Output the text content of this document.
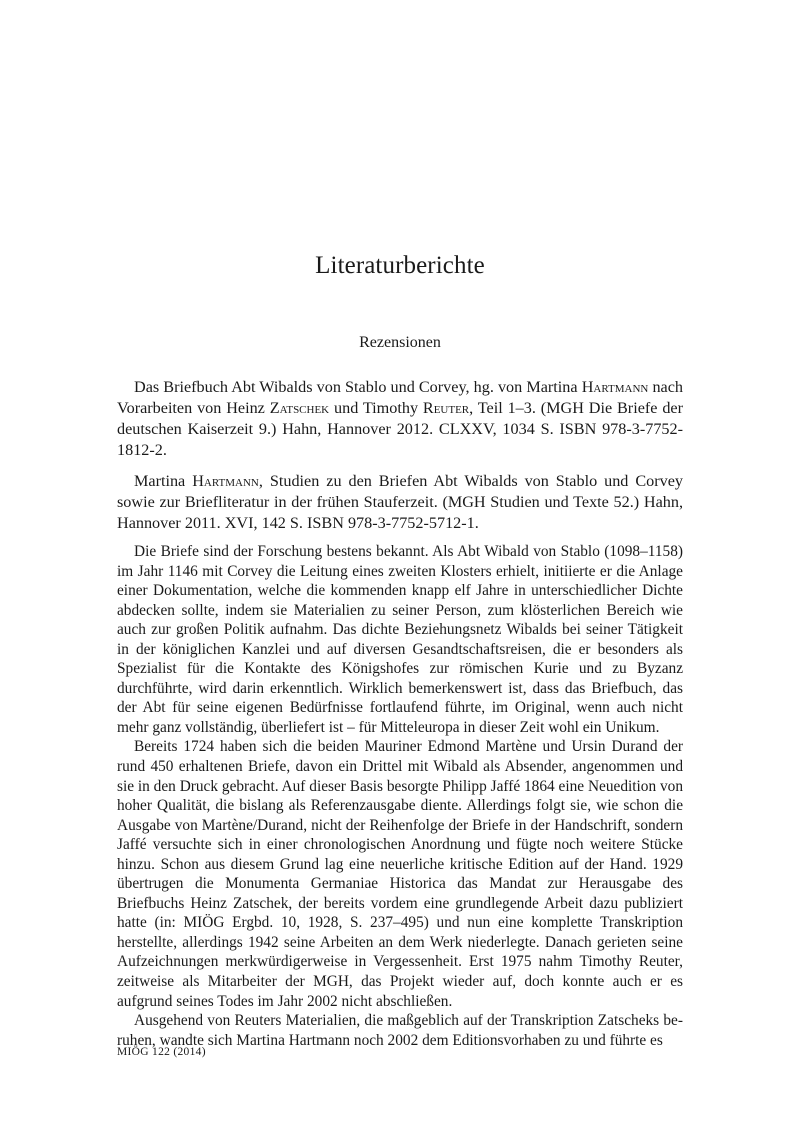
Literaturberichte
Rezensionen

Das Briefbuch Abt Wibalds von Stablo und Corvey, hg. von Martina Hartmann nach Vorarbeiten von Heinz Zatschek und Timothy Reuter, Teil 1–3. (MGH Die Briefe der deutschen Kaiserzeit 9.) Hahn, Hannover 2012. CLXXV, 1034 S. ISBN 978-3-7752-1812-2.

Martina Hartmann, Studien zu den Briefen Abt Wibalds von Stablo und Corvey sowie zur Briefliteratur in der frühen Stauferzeit. (MGH Studien und Texte 52.) Hahn, Hannover 2011. XVI, 142 S. ISBN 978-3-7752-5712-1.

Die Briefe sind der Forschung bestens bekannt. Als Abt Wibald von Stablo (1098–1158) im Jahr 1146 mit Corvey die Leitung eines zweiten Klosters erhielt, initiierte er die Anlage einer Dokumentation, welche die kommenden knapp elf Jahre in unterschiedlicher Dichte abdecken sollte, indem sie Materialien zu seiner Person, zum klösterlichen Bereich wie auch zur großen Politik aufnahm. Das dichte Beziehungsnetz Wibalds bei seiner Tätigkeit in der königlichen Kanzlei und auf diversen Gesandtschaftsreisen, die er besonders als Spezialist für die Kontakte des Königshofes zur römischen Kurie und zu Byzanz durchführte, wird darin erkenntlich. Wirklich bemerkenswert ist, dass das Briefbuch, das der Abt für seine eigenen Bedürfnisse fortlaufend führte, im Original, wenn auch nicht mehr ganz vollständig, überliefert ist – für Mitteleuropa in dieser Zeit wohl ein Unikum.

Bereits 1724 haben sich die beiden Mauriner Edmond Martène und Ursin Durand der rund 450 erhaltenen Briefe, davon ein Drittel mit Wibald als Absender, angenommen und sie in den Druck gebracht. Auf dieser Basis besorgte Philipp Jaffé 1864 eine Neuedition von hoher Qualität, die bislang als Referenzausgabe diente. Allerdings folgt sie, wie schon die Ausgabe von Martène/Durand, nicht der Reihenfolge der Briefe in der Handschrift, sondern Jaffé versuchte sich in einer chronologischen Anordnung und fügte noch weitere Stücke hinzu. Schon aus diesem Grund lag eine neuerliche kritische Edition auf der Hand. 1929 übertrugen die Monumenta Germaniae Historica das Mandat zur Herausgabe des Briefbuchs Heinz Zatschek, der bereits vordem eine grundlegende Arbeit dazu publiziert hatte (in: MIÖG Ergbd. 10, 1928, S. 237–495) und nun eine komplette Transkription herstellte, allerdings 1942 seine Arbeiten an dem Werk niederlegte. Danach gerieten seine Aufzeichnungen merkwürdigerweise in Vergessenheit. Erst 1975 nahm Timothy Reuter, zeitweise als Mitarbeiter der MGH, das Projekt wieder auf, doch konnte auch er es aufgrund seines Todes im Jahr 2002 nicht abschließen.

Ausgehend von Reuters Materialien, die maßgeblich auf der Transkription Zatscheks beruhen, wandte sich Martina Hartmann noch 2002 dem Editionsvorhaben zu und führte es

MIÖG 122 (2014)
